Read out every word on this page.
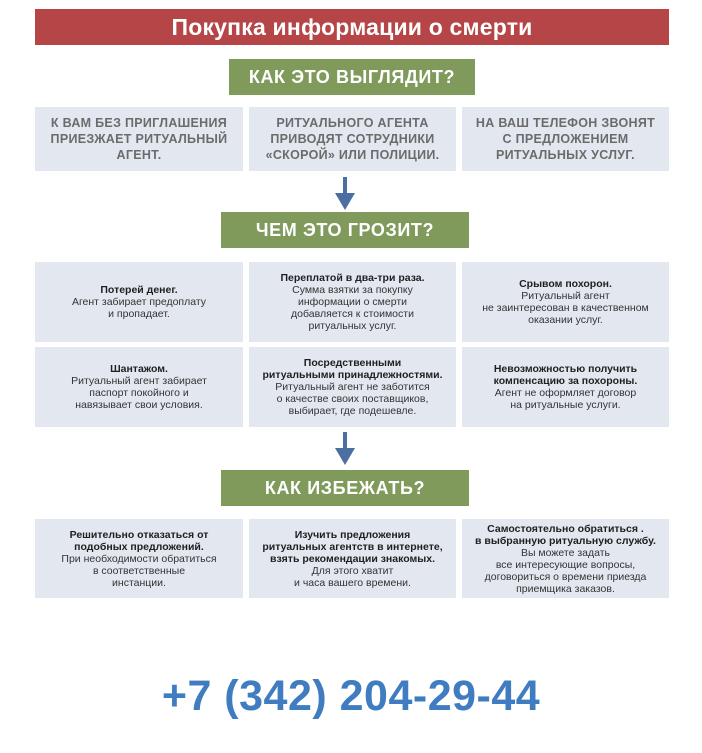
Покупка информации о смерти
КАК ЭТО ВЫГЛЯДИТ?
К ВАМ БЕЗ ПРИГЛАШЕНИЯ
ПРИЕЗЖАЕТ РИТУАЛЬНЫЙ
АГЕНТ.
РИТУАЛЬНОГО АГЕНТА
ПРИВОДЯТ СОТРУДНИКИ
«СКОРОЙ» ИЛИ ПОЛИЦИИ.
НА ВАШ ТЕЛЕФОН ЗВОНЯТ
С ПРЕДЛОЖЕНИЕМ
РИТУАЛЬНЫХ УСЛУГ.
ЧЕМ ЭТО ГРОЗИТ?
Потерей денег.
Агент забирает предоплату
и пропадает.
Переплатой в два-три раза.
Сумма взятки за покупку
информации о смерти
добавляется к стоимости
ритуальных услуг.
Срывом похорон.
Ритуальный агент
не заинтересован в качественном
оказании услуг.
Шантажом.
Ритуальный агент забирает
паспорт покойного и
навязывает свои условия.
Посредственными
ритуальными принадлежностями.
Ритуальный агент не заботится
о качестве своих поставщиков,
выбирает, где подешевле.
Невозможностью получить
компенсацию за похороны.
Агент не оформляет договор
на ритуальные услуги.
КАК ИЗБЕЖАТЬ?
Решительно отказаться от
подобных предложений.
При необходимости обратиться
в соответственные
инстанции.
Изучить предложения
ритуальных агентств в интернете,
взять рекомендации знакомых.
Для этого хватит
и часа вашего времени.
Самостоятельно обратиться .
в выбранную ритуальную службу.
Вы можете задать
все интересующие вопросы,
договориться о времени приезда
приемщика заказов.
+7 (342) 204-29-44
